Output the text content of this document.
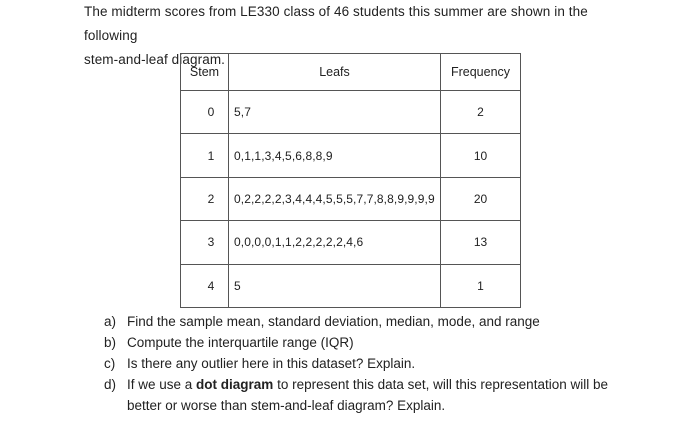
The midterm scores from LE330 class of 46 students this summer are shown in the following
stem-and-leaf diagram.
Stem	Leafs	Frequency
0	5,7	2
1	0,1,1,3,4,5,6,8,8,9	10
2	0,2,2,2,2,3,4,4,4,5,5,5,7,7,8,8,9,9,9,9	20
3	0,0,0,0,1,1,2,2,2,2,2,4,6	13
4	5	1
a) Find the sample mean, standard deviation, median, mode, and range
b) Compute the interquartile range (IQR)
c) Is there any outlier here in this dataset? Explain.
d) If we use a dot diagram to represent this data set, will this representation will be better or worse than stem-and-leaf diagram? Explain.
